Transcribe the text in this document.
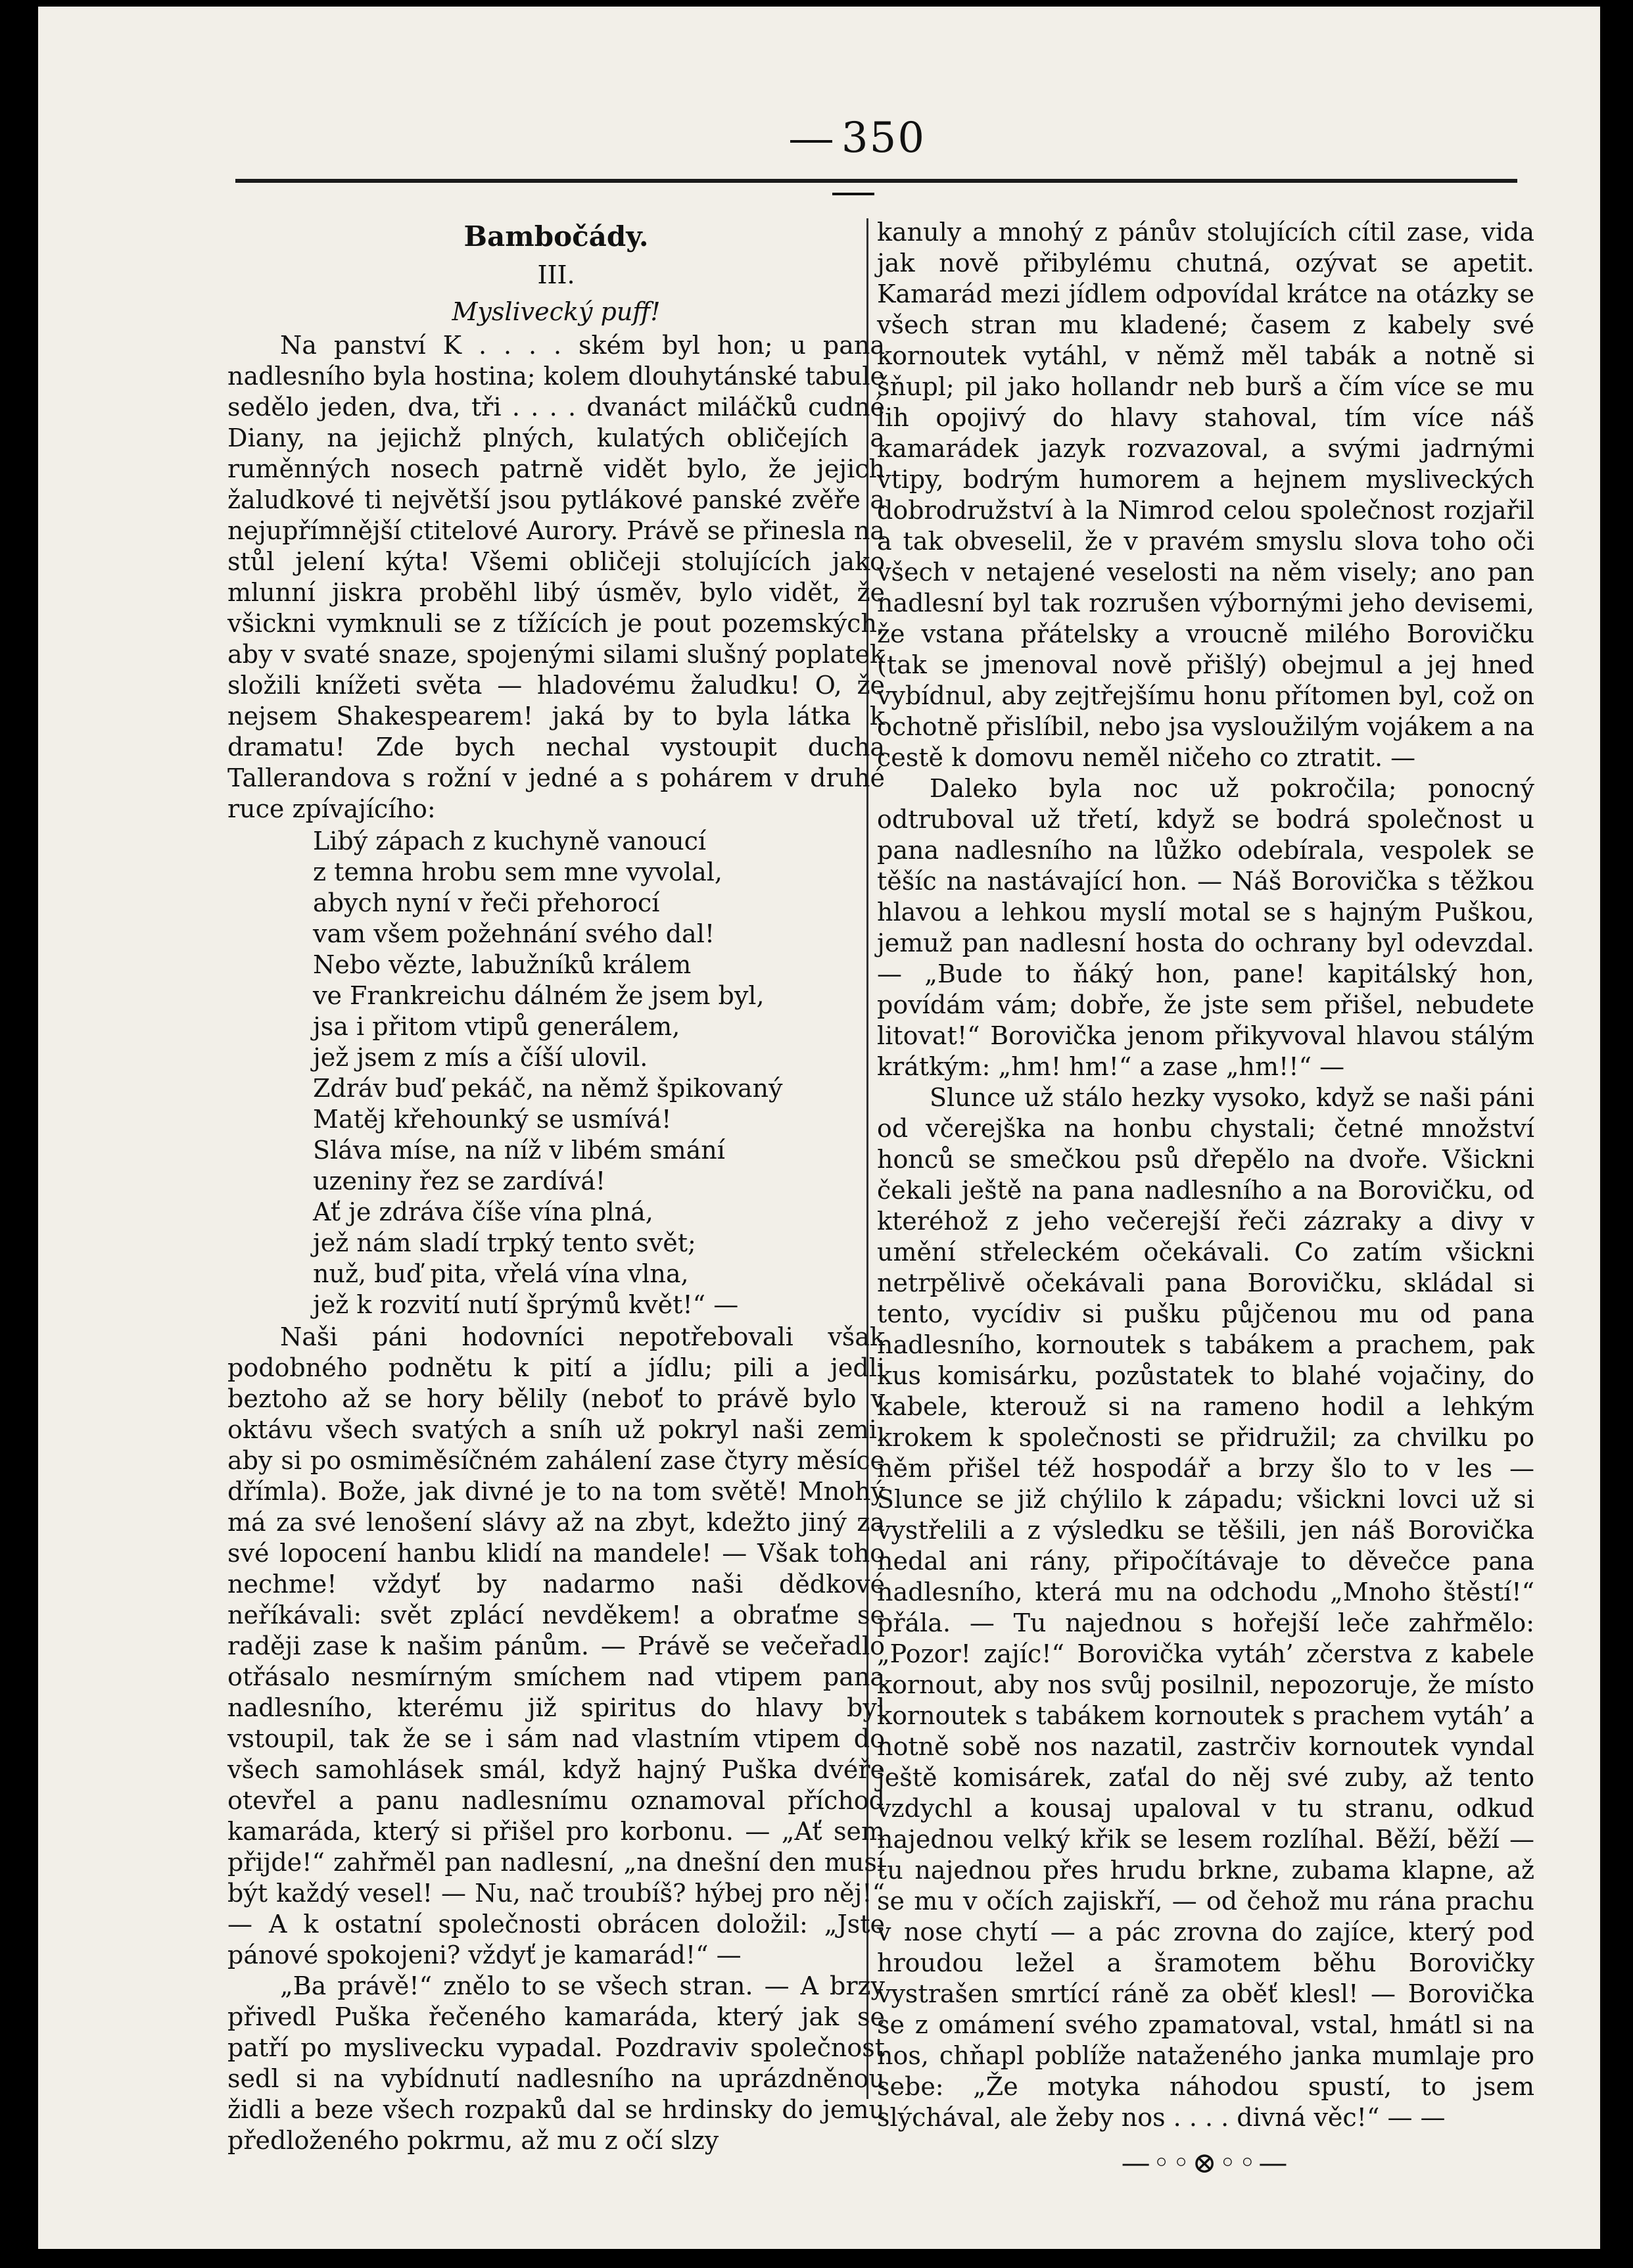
350

Bambočády.

III.

Myslivecký puff!

Na panství K . . . . ském byl hon; u pana nadlesního byla hostina; kolem dlouhytánské tabule sedělo jeden, dva, tři . . . . dvanáct miláčků cudné Diany, na jejichž plných, kulatých obličejích a ruměnných nosech patrně vidět bylo, že jejich žaludkové ti největší jsou pytlákové panské zvěře a nejupřímnější ctitelové Aurory. Právě se přinesla na stůl jelení kýta! Všemi obličeji stolujících jako mlunní jiskra proběhl libý úsměv, bylo vidět, že všickni vymknuli se z tížících je pout pozemských, aby v svaté snaze, spojenými silami slušný poplatek složili knížeti světa — hladovému žaludku! O, že nejsem Shakespearem! jaká by to byla látka k dramatu! Zde bych nechal vystoupit ducha Tallerandova s rožní v jedné a s pohárem v druhé ruce zpívajícího:

Libý zápach z kuchyně vanoucí
z temna hrobu sem mne vyvolal,
abych nyní v řeči přehorocí
vam všem požehnání svého dal!
Nebo vězte, labužníků králem
ve Frankreichu dálném že jsem byl,
jsa i přitom vtipů generálem,
jež jsem z mís a číší ulovil.
Zdráv buď pekáč, na němž špikovaný
Matěj křehounký se usmívá!
Sláva míse, na níž v libém smání
uzeniny řez se zardívá!
Ať je zdráva číše vína plná,
jež nám sladí trpký tento svět;
nuž, buď pita, vřelá vína vlna,
jež k rozvití nutí šprýmů květ!“ —

Naši páni hodovníci nepotřebovali však podobného podnětu k pití a jídlu; pili a jedli beztoho až se hory bělily (neboť to právě bylo v oktávu všech svatých a sníh už pokryl naši zemi, aby si po osmiměsíčném zahálení zase čtyry měsíce dřímla). Bože, jak divné je to na tom světě! Mnohý má za své lenošení slávy až na zbyt, kdežto jiný za své lopocení hanbu klidí na mandele! — Však toho nechme! vždyť by nadarmo naši dědkové neříkávali: svět zplácí nevděkem! a obraťme se raději zase k našim pánům. — Právě se večeřadlo otřásalo nesmírným smíchem nad vtipem pana nadlesního, kterému již spiritus do hlavy byl vstoupil, tak že se i sám nad vlastním vtipem do všech samohlásek smál, když hajný Puška dvéře otevřel a panu nadlesnímu oznamoval příchod kamaráda, který si přišel pro korbonu. — „Ať sem přijde!“ zahřměl pan nadlesní, „na dnešní den musí být každý vesel! — Nu, nač troubíš? hýbej pro něj!“ — A k ostatní společnosti obrácen doložil: „Jste pánové spokojeni? vždyť je kamarád!“ —

„Ba právě!“ znělo to se všech stran. — A brzy přivedl Puška řečeného kamaráda, který jak se patří po myslivecku vypadal. Pozdraviv společnost sedl si na vybídnutí nadlesního na uprázdněnou židli a beze všech rozpaků dal se hrdinsky do jemu předloženého pokrmu, až mu z očí slzy

kanuly a mnohý z pánův stolujících cítil zase, vida jak nově přibylému chutná, ozývat se apetit. Kamarád mezi jídlem odpovídal krátce na otázky se všech stran mu kladené; časem z kabely své kornoutek vytáhl, v němž měl tabák a notně si šňupl; pil jako hollandr neb burš a čím více se mu lih opojivý do hlavy stahoval, tím více náš kamarádek jazyk rozvazoval, a svými jadrnými vtipy, bodrým humorem a hejnem mysliveckých dobrodružství à la Nimrod celou společnost rozjařil a tak obveselil, že v pravém smyslu slova toho oči všech v netajené veselosti na něm visely; ano pan nadlesní byl tak rozrušen výbornými jeho devisemi, že vstana přátelsky a vroucně milého Borovičku (tak se jmenoval nově přišlý) obejmul a jej hned vybídnul, aby zejtřejšímu honu přítomen byl, což on ochotně přislíbil, nebo jsa vysloužilým vojákem a na cestě k domovu neměl ničeho co ztratit. —

Daleko byla noc už pokročila; ponocný odtruboval už třetí, když se bodrá společnost u pana nadlesního na lůžko odebírala, vespolek se těšíc na nastávající hon. — Náš Borovička s těžkou hlavou a lehkou myslí motal se s hajným Puškou, jemuž pan nadlesní hosta do ochrany byl odevzdal. — „Bude to ňáký hon, pane! kapitálský hon, povídám vám; dobře, že jste sem přišel, nebudete litovat!“ Borovička jenom přikyvoval hlavou stálým krátkým: „hm! hm!“ a zase „hm!!“ —

Slunce už stálo hezky vysoko, když se naši páni od včerejška na honbu chystali; četné množství honců se smečkou psů dřepělo na dvoře. Všickni čekali ještě na pana nadlesního a na Borovičku, od kteréhož z jeho večerejší řeči zázraky a divy v umění střeleckém očekávali. Co zatím všickni netrpělivě očekávali pana Borovičku, skládal si tento, vycídiv si pušku půjčenou mu od pana nadlesního, kornoutek s tabákem a prachem, pak kus komisárku, pozůstatek to blahé vojačiny, do kabele, kterouž si na rameno hodil a lehkým krokem k společnosti se přidružil; za chvilku po něm přišel též hospodář a brzy šlo to v les — Slunce se již chýlilo k západu; všickni lovci už si vystřelili a z výsledku se těšili, jen náš Borovička nedal ani rány, připočítávaje to děvečce pana nadlesního, která mu na odchodu „Mnoho štěstí!“ přála. — Tu najednou s hořejší leče zahřmělo: „Pozor! zajíc!“ Borovička vytáh’ zčerstva z kabele kornout, aby nos svůj posilnil, nepozoruje, že místo kornoutek s tabákem kornoutek s prachem vytáh’ a notně sobě nos nazatil, zastrčiv kornoutek vyndal ještě komisárek, zaťal do něj své zuby, až tento vzdychl a kousaj upaloval v tu stranu, odkud najednou velký křik se lesem rozlíhal. Běží, běží — tu najednou přes hrudu brkne, zubama klapne, až se mu v očích zajiskří, — od čehož mu rána prachu v nose chytí — a pác zrovna do zajíce, který pod hroudou ležel a šramotem běhu Borovičky vystrašen smrtící ráně za oběť klesl! — Borovička se z omámení svého zpamatoval, vstal, hmátl si na nos, chňapl poblíže nataženého janka mumlaje pro sebe: „Že motyka náhodou spustí, to jsem slýchával, ale žeby nos . . . . divná věc!“ — —

—◦◦⊗◦◦—
